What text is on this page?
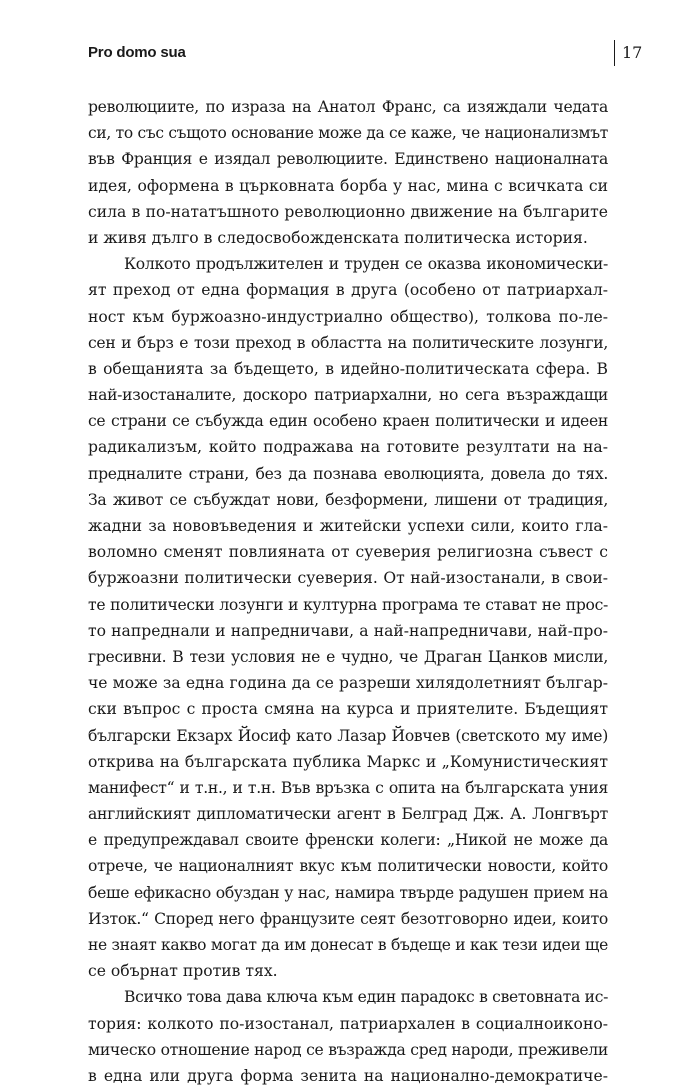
Pro domo sua	17
революциите, по израза на Анатол Франс, са изяждали чедата
си, то със същото основание може да се каже, че национализмът
във Франция е изядал революциите. Единствено националната
идея, оформена в църковната борба у нас, мина с всичката си
сила в по-нататъшното революционно движение на българите
и живя дълго в следосвобожденската политическа история.
Колкото продължителен и труден се оказва икономически-
ят преход от една формация в друга (особено от патриархал-
ност към буржоазно-индустриално общество), толкова по-ле-
сен и бърз е този преход в областта на политическите лозунги,
в обещанията за бъдещето, в идейно-политическата сфера. В
най-изостаналите, доскоро патриархални, но сега възраждащи
се страни се събужда един особено краен политически и идеен
радикализъм, който подражава на готовите резултати на на-
предналите страни, без да познава еволюцията, довела до тях.
За живот се събуждат нови, безформени, лишени от традиция,
жадни за нововъведения и житейски успехи сили, които гла-
воломно сменят повлияната от суеверия религиозна съвест с
буржоазни политически суеверия. От най-изостанали, в свои-
те политически лозунги и културна програма те стават не прос-
то напреднали и напредничави, а най-напредничави, най-про-
гресивни. В тези условия не е чудно, че Драган Цанков мисли,
че може за една година да се разреши хилядолетният българ-
ски въпрос с проста смяна на курса и приятелите. Бъдещият
български Екзарх Йосиф като Лазар Йовчев (светското му име)
открива на българската публика Маркс и „Комунистическият
манифест“ и т.н., и т.н. Във връзка с опита на българската уния
английският дипломатически агент в Белград Дж. А. Лонгвърт
е предупреждавал своите френски колеги: „Никой не може да
отрече, че националният вкус към политически новости, който
беше ефикасно обуздан у нас, намира твърде радушен прием на
Изток.“ Според него французите сеят безотговорно идеи, които
не знаят какво могат да им донесат в бъдеще и как тези идеи ще
се обърнат против тях.
Всичко това дава ключа към един парадокс в световната ис-
тория: колкото по-изостанал, патриархален в социалноиконо-
мическо отношение народ се възражда сред народи, преживели
в една или друга форма зенита на национално-демократиче-
